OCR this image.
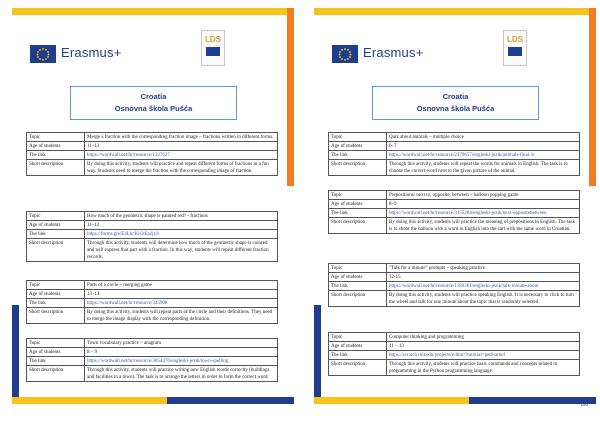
Erasmus+
LDS
Croatia
Osnovna škola Pušća
Topic	Merge a fraction with the corresponding fraction image – fractions written in different forms.
Age of students	11–12
The link	https://wordwall.net/hr/resource/1327627
Short description	By doing this activity, students will practice and repeat different forms of fractions in a fun way. Students need to merge the fraction with the corresponding image of fraction.
Topic	How much of the geometric shape is painted red? - fractions
Age of students	11–12
The link	https://forms.gle/E4LkcKiGtEaJj1Ji
Short description	Through this activity, students will determine how much of the geometric shape is colored and will express that part with a fraction. In this way, students will repeat different fraction records.
Topic	Parts of a circle – merging game
Age of students	13–14
The link	https://wordwall.net/hr/resource/325908
Short description	By doing this activity, students will repeat parts of the circle and their definitions. They need to merge the image display with the corresponding definition.
Topic	Town vocabulary practice – anagram
Age of students	8 – 9
The link	https://wordwall.net/hr/resource/3054476/engleski-jezik/town-spelling
Short description	Through this activity, students will practice writing new English words correctly (buildings and facilities in a town). The task is to arrange the letters in order to form the correct word.
Erasmus+
LDS
Croatia
Osnovna škola Pušća
Topic	Quiz about animals – multiple choice
Age of students	6–7
The link	https://wordwall.net/hr/resource/2379657/engleski-jezik/animals-final-1r
Short description	Through this activity, students will repeat the words for animals in English. The task is to choose the correct word next to the given picture of the animal.
Topic	Prepositions: next to, opposite, between – balloon popping game
Age of students	8–9
The link	https://wordwall.net/hr/resource/3355284/engleski-jezik/next-oppositebetween
Short description	By doing this activity, students will practice the meaning of prepositions in English. The task is to shoot the balloon with a word in English into the cart with the same word in Croatian.
Topic	"Talk for a minute" prompts – speaking practice
Age of students	12-15
The link	https://wordwall.net/hr/resource/1180361/engleski-jezik/talk-minute-about
Short description	By doing this activity, students will practice speaking English. It is necessary to click to turn the wheel and talk for one minute about the topic that is randomly selected.
Topic	Computer thinking and programming
Age of students	11 – 13
The link	https://scratch.mit.edu/projects/editor/?tutorial=getStarted
Short description	Through this activity, students will practice basic commands and concepts related to programming in the Python programming language.
190
